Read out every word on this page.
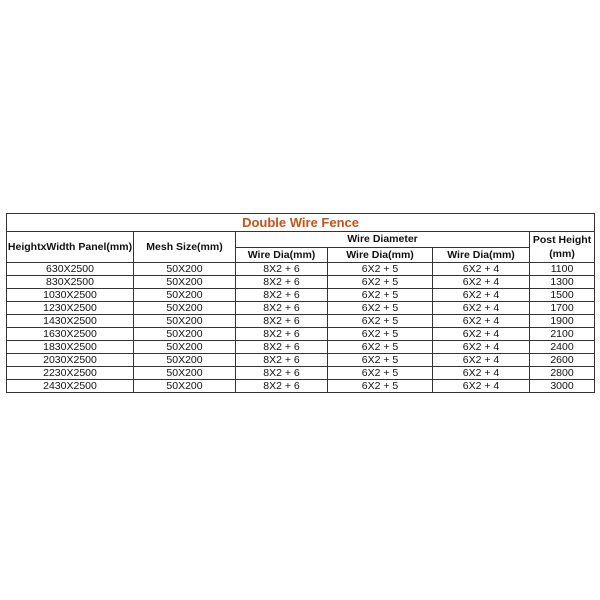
Double Wire Fence					
HeightxWidth Panel(mm)	Mesh Size(mm)	Wire Diameter			Post Height
(mm)
		Wire Dia(mm)	Wire Dia(mm)	Wire Dia(mm)	
630X2500	50X200	8X2 + 6	6X2 + 5	6X2 + 4	1100
830X2500	50X200	8X2 + 6	6X2 + 5	6X2 + 4	1300
1030X2500	50X200	8X2 + 6	6X2 + 5	6X2 + 4	1500
1230X2500	50X200	8X2 + 6	6X2 + 5	6X2 + 4	1700
1430X2500	50X200	8X2 + 6	6X2 + 5	6X2 + 4	1900
1630X2500	50X200	8X2 + 6	6X2 + 5	6X2 + 4	2100
1830X2500	50X200	8X2 + 6	6X2 + 5	6X2 + 4	2400
2030X2500	50X200	8X2 + 6	6X2 + 5	6X2 + 4	2600
2230X2500	50X200	8X2 + 6	6X2 + 5	6X2 + 4	2800
2430X2500	50X200	8X2 + 6	6X2 + 5	6X2 + 4	3000
